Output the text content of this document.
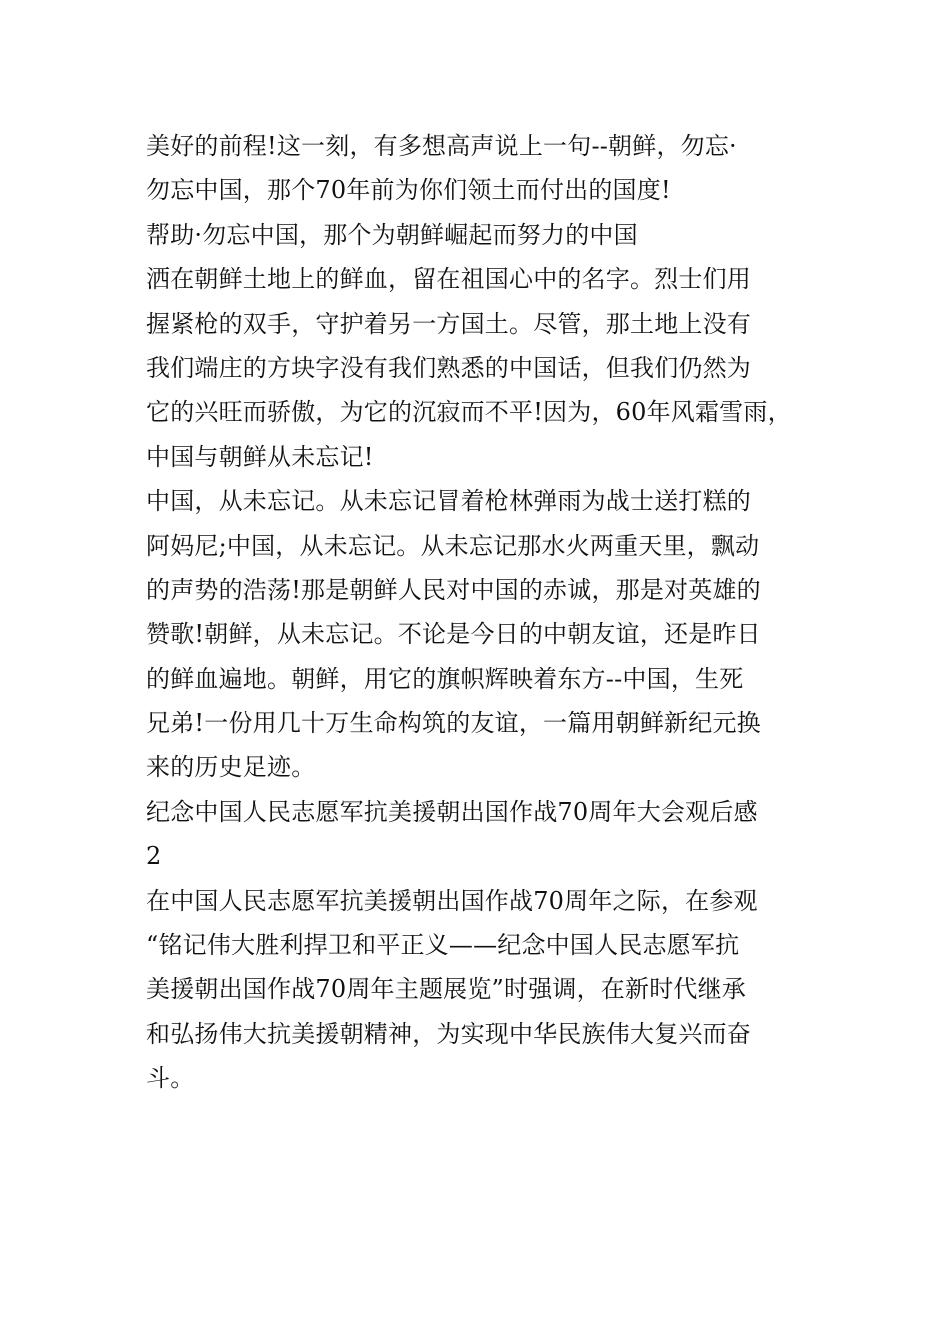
美好的前程!这一刻，有多想高声说上一句--朝鲜，勿忘·
勿忘中国，那个70年前为你们领土而付出的国度!
帮助·勿忘中国，那个为朝鲜崛起而努力的中国
洒在朝鲜土地上的鲜血，留在祖国心中的名字。烈士们用
握紧枪的双手，守护着另一方国土。尽管，那土地上没有
我们端庄的方块字没有我们熟悉的中国话，但我们仍然为
它的兴旺而骄傲，为它的沉寂而不平!因为，60年风霜雪雨，
中国与朝鲜从未忘记!
中国，从未忘记。从未忘记冒着枪林弹雨为战士送打糕的
阿妈尼;中国，从未忘记。从未忘记那水火两重天里，飘动
的声势的浩荡!那是朝鲜人民对中国的赤诚，那是对英雄的
赞歌!朝鲜，从未忘记。不论是今日的中朝友谊，还是昨日
的鲜血遍地。朝鲜，用它的旗帜辉映着东方--中国，生死
兄弟!一份用几十万生命构筑的友谊，一篇用朝鲜新纪元换
来的历史足迹。
纪念中国人民志愿军抗美援朝出国作战70周年大会观后感
2
在中国人民志愿军抗美援朝出国作战70周年之际，在参观
“铭记伟大胜利捍卫和平正义——纪念中国人民志愿军抗
美援朝出国作战70周年主题展览”时强调，在新时代继承
和弘扬伟大抗美援朝精神，为实现中华民族伟大复兴而奋
斗。
